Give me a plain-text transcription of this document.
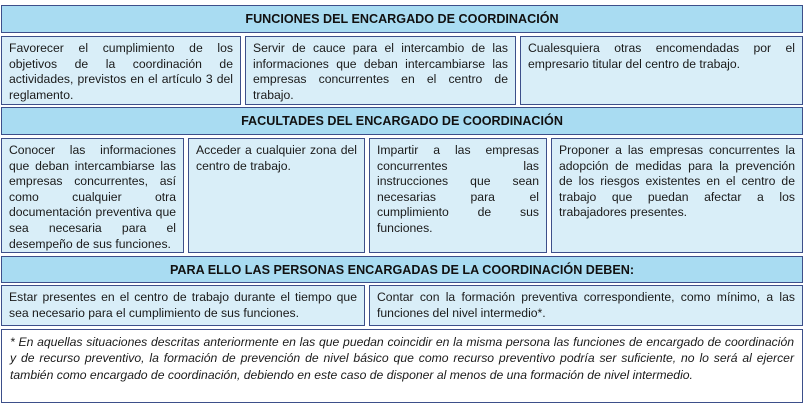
FUNCIONES DEL ENCARGADO DE COORDINACIÓN
Favorecer el cumplimiento de los objetivos de la coordinación de actividades, previstos en el artículo 3 del reglamento.
Servir de cauce para el intercambio de las informaciones que deban intercambiarse las empresas concurrentes en el centro de trabajo.
Cualesquiera otras encomendadas por el empresario titular del centro de trabajo.
FACULTADES DEL ENCARGADO DE COORDINACIÓN
Conocer las informaciones que deban intercambiarse las empresas concurrentes, así como cualquier otra documentación preventiva que sea necesaria para el desempeño de sus funciones.
Acceder a cualquier zona del centro de trabajo.
Impartir a las empresas concurrentes las instrucciones que sean necesarias para el cumplimiento de sus funciones.
Proponer a las empresas concurrentes la adopción de medidas para la prevención de los riesgos existentes en el centro de trabajo que puedan afectar a los trabajadores presentes.
PARA ELLO LAS PERSONAS ENCARGADAS DE LA COORDINACIÓN DEBEN:
Estar presentes en el centro de trabajo durante el tiempo que sea necesario para el cumplimiento de sus funciones.
Contar con la formación preventiva correspondiente, como mínimo, a las funciones del nivel intermedio*.
* En aquellas situaciones descritas anteriormente en las que puedan coincidir en la misma persona las funciones de encargado de coordinación y de recurso preventivo, la formación de prevención de nivel básico que como recurso preventivo podría ser suficiente, no lo será al ejercer también como encargado de coordinación, debiendo en este caso de disponer al menos de una formación de nivel intermedio.
